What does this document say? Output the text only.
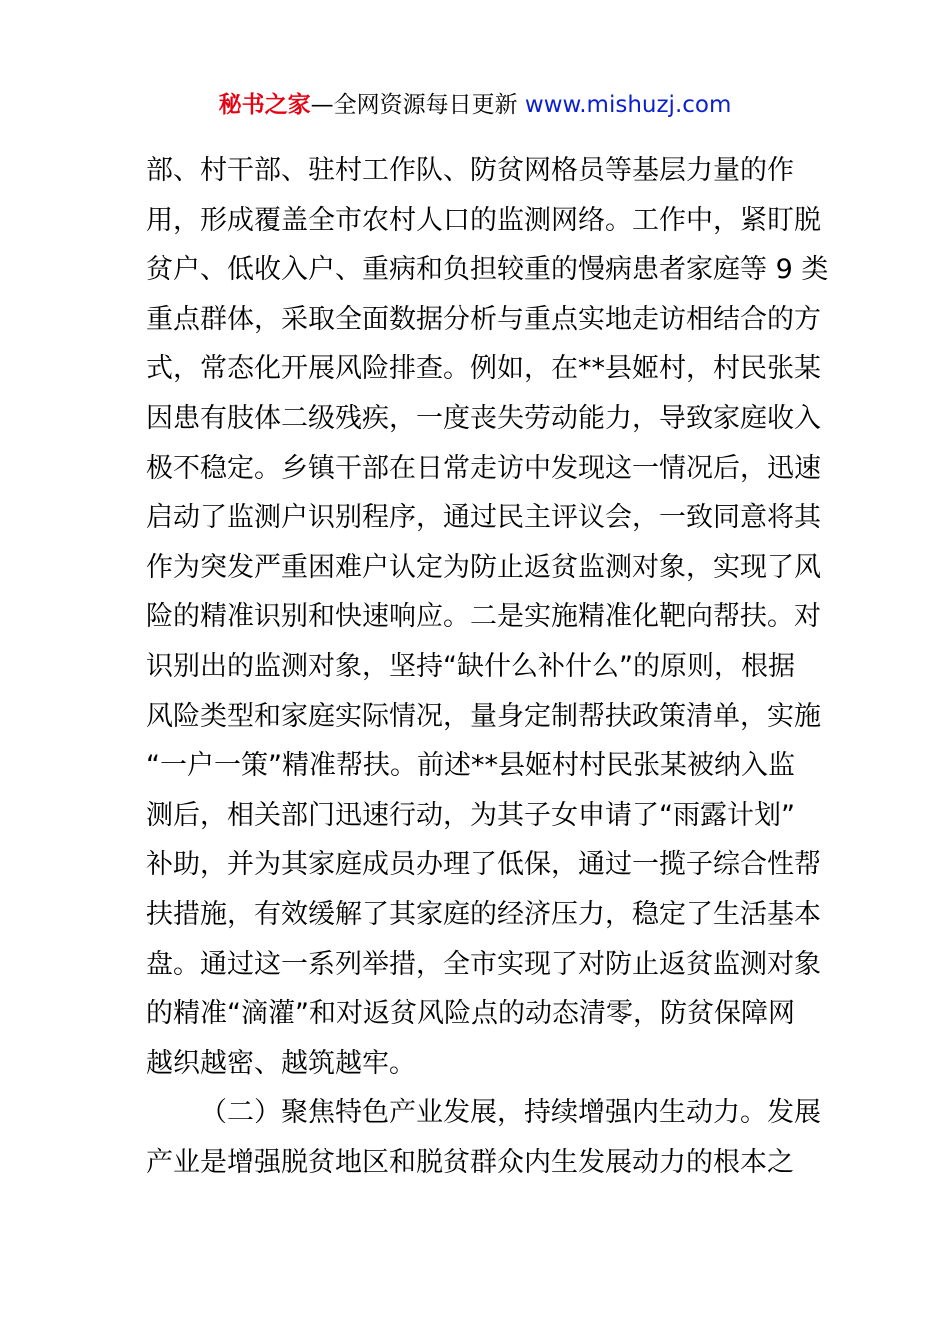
秘书之家—全网资源每日更新 www.mishuzj.com
部、村干部、驻村工作队、防贫网格员等基层力量的作
用，形成覆盖全市农村人口的监测网络。工作中，紧盯脱
贫户、低收入户、重病和负担较重的慢病患者家庭等 9 类
重点群体，采取全面数据分析与重点实地走访相结合的方
式，常态化开展风险排查。例如，在**县姬村，村民张某
因患有肢体二级残疾，一度丧失劳动能力，导致家庭收入
极不稳定。乡镇干部在日常走访中发现这一情况后，迅速
启动了监测户识别程序，通过民主评议会，一致同意将其
作为突发严重困难户认定为防止返贫监测对象，实现了风
险的精准识别和快速响应。二是实施精准化靶向帮扶。对
识别出的监测对象，坚持“缺什么补什么”的原则，根据
风险类型和家庭实际情况，量身定制帮扶政策清单，实施
“一户一策”精准帮扶。前述**县姬村村民张某被纳入监
测后，相关部门迅速行动，为其子女申请了“雨露计划”
补助，并为其家庭成员办理了低保，通过一揽子综合性帮
扶措施，有效缓解了其家庭的经济压力，稳定了生活基本
盘。通过这一系列举措，全市实现了对防止返贫监测对象
的精准“滴灌”和对返贫风险点的动态清零，防贫保障网
越织越密、越筑越牢。
（二）聚焦特色产业发展，持续增强内生动力。发展
产业是增强脱贫地区和脱贫群众内生发展动力的根本之
